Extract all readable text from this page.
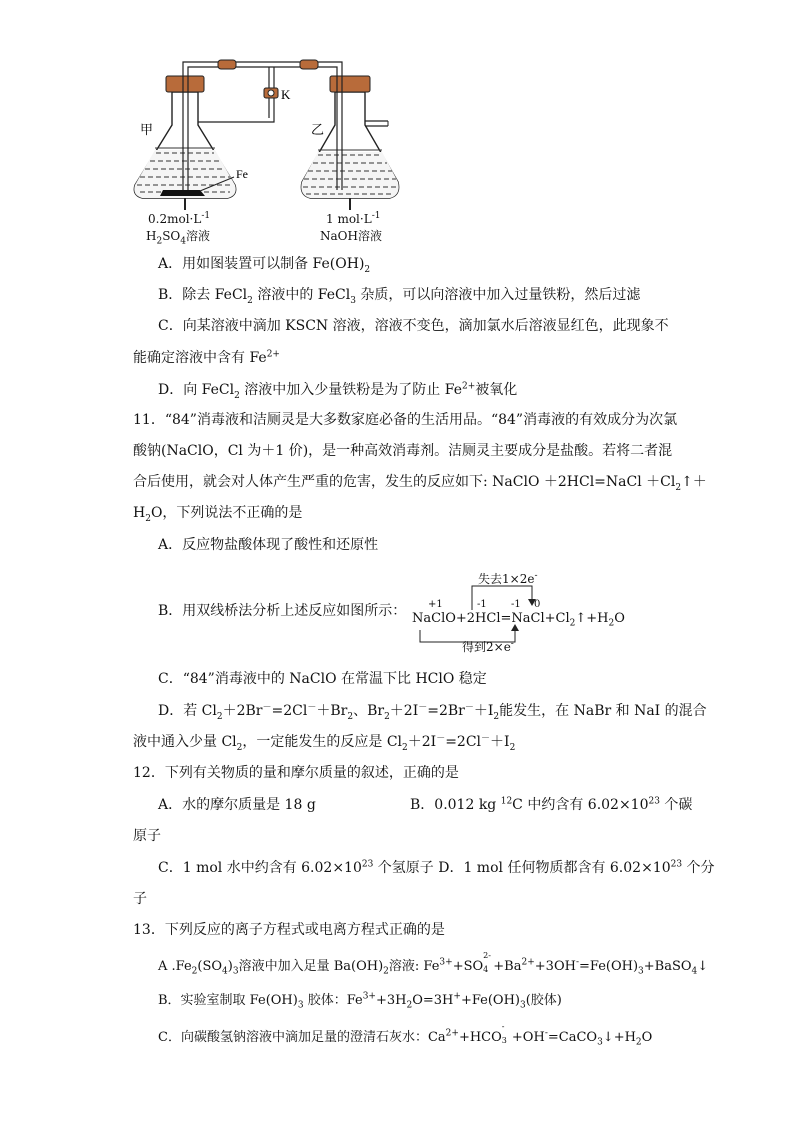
K
甲
Fe
乙
$0.2mol\cdot L^{-1}$
$H_2SO_4$溶液
1 $mol\cdot L^{-1}$
NaOH溶液
A．用如图装置可以制备 $Fe(OH)_2$
B．除去 FeCl$_2$ 溶液中的 FeCl$_3$ 杂质，可以向溶液中加入过量铁粉，然后过滤
C．向某溶液中滴加 KSCN 溶液，溶液不变色，滴加氯水后溶液显红色，此现象不
能确定溶液中含有 $Fe^{2+}$
D．向 FeCl$_2$ 溶液中加入少量铁粉是为了防止 $Fe^{2+}$被氧化
11．“84”消毒液和洁厕灵是大多数家庭必备的生活用品。“84”消毒液的有效成分为次氯
酸钠(NaClO，Cl 为＋1 价)，是一种高效消毒剂。洁厕灵主要成分是盐酸。若将二者混
合后使用，就会对人体产生严重的危害，发生的反应如下: NaClO ＋2HCl=NaCl $+Cl_2↑+$
$H_2O$，下列说法不正确的是
A．反应物盐酸体现了酸性和还原性
B．用双线桥法分析上述反应如图所示：
失去1×2e-
+1	-1 -1 0
$NaClO+2HCl=NaCl+Cl_2↑+H_2O$
得到2×e-
C．“84”消毒液中的 NaClO 在常温下比 HClO 稳定
D．若 $Cl_2+2Br^-=2Cl^-+Br_2$、$Br_2+2I^-=2Br^-+I_2$能发生，在 NaBr 和 NaI 的混合
液中通入少量 $Cl_2$，一定能发生的反应是 $Cl_2+2I^-=2Cl^-+I_2$
12．下列有关物质的量和摩尔质量的叙述，正确的是
A．水的摩尔质量是 18 g	B．0.012 kg $^{12}$C 中约含有 $6.02\times 10^{23}$ 个碳
原子
C．1 mol 水中约含有 $6.02\times 10^{23}$ 个氢原子 D．1 mol 任何物质都含有 $6.02\times 10^{23}$ 个分
子
13．下列反应的离子方程式或电离方程式正确的是
A $.Fe_2(SO_4)_3$溶液中加入足量 $Ba(OH)_2$溶液: $Fe^{3+}+SO$
2-
$4 +Ba^{2+}+3OH^-=Fe(OH)_3+BaSO_4↓$
B．实验室制取 $Fe(OH)_3$ 胶体：$Fe^{3+}+3H_2O=3H^++Fe(OH)_3$(胶体)
C．向碳酸氢钠溶液中滴加足量的澄清石灰水：$Ca^{2+}+HCO$
-
$3 +OH^-=CaCO_3↓+H_2O$
